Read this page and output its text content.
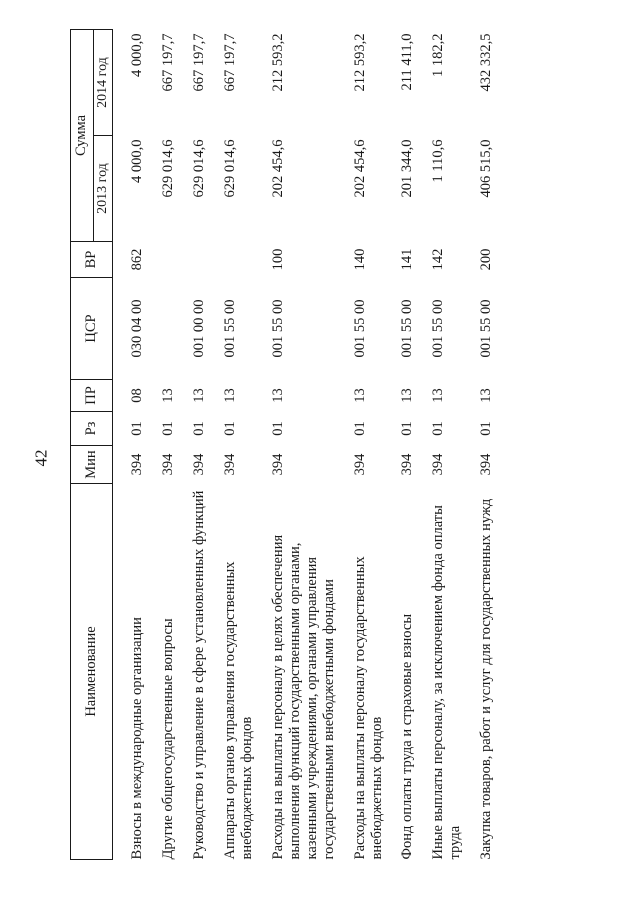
42
Наименование	Мин	Рз	ПР	ЦСР	ВР	Сумма	
						2013 год	2014 год

Взносы в международные организации	394	01	08	030 04 00	862	4 000,0	4 000,0
Другие общегосударственные вопросы	394	01	13			629 014,6	667 197,7
Руководство и управление в сфере установленных функций	394	01	13	001 00 00		629 014,6	667 197,7
Аппараты органов управления государственных внебюджетных фондов	394	01	13	001 55 00		629 014,6	667 197,7
Расходы на выплаты персоналу в целях обеспечения выполнения функций государственными органами, казенными учреждениями, органами управления государственными внебюджетными фондами	394	01	13	001 55 00	100	202 454,6	212 593,2
Расходы на выплаты персоналу государственных внебюджетных фондов	394	01	13	001 55 00	140	202 454,6	212 593,2
Фонд оплаты труда и страховые взносы	394	01	13	001 55 00	141	201 344,0	211 411,0
Иные выплаты персоналу, за исключением фонда оплаты труда	394	01	13	001 55 00	142	1 110,6	1 182,2
Закупка товаров, работ и услуг для государственных нужд	394	01	13	001 55 00	200	406 515,0	432 332,5
